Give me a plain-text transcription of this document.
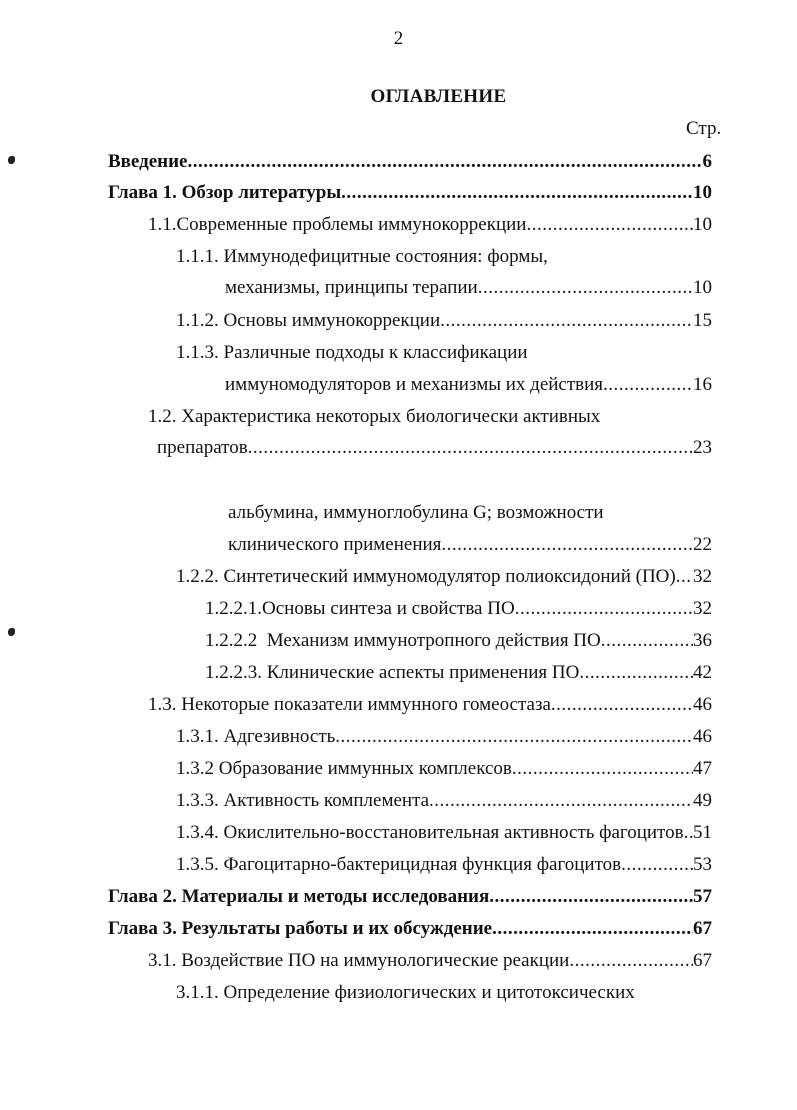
2
ОГЛАВЛЕНИЕ
Стр.
Введение .....	6
Глава 1. Обзор литературы .....	10
1.1.Современные проблемы иммунокоррекции .....	10
1.1.1. Иммунодефицитные состояния: формы,
механизмы, принципы терапии .....	10
1.1.2. Основы иммунокоррекции .....	15
1.1.3. Различные подходы к классификации
иммуномодуляторов и механизмы их действия .....	16
1.2. Характеристика некоторых биологически активных
препаратов .....	23

альбумина, иммуноглобулина G; возможности
клинического применения .....	22
1.2.2. Синтетический иммуномодулятор полиоксидоний (ПО) ..... 32
1.2.2.1.Основы синтеза и свойства ПО .....	32
1.2.2.2  Механизм иммунотропного действия ПО .....	36
1.2.2.3. Клинические аспекты применения ПО .....	42
1.3. Некоторые показатели иммунного гомеостаза .....	46
1.3.1. Адгезивность .....	46
1.3.2 Образование иммунных комплексов .....	47
1.3.3. Активность комплемента .....	49
1.3.4. Окислительно-восстановительная активность фагоцитов ..... 51
1.3.5. Фагоцитарно-бактерицидная функция фагоцитов .....	53
Глава 2. Материалы и методы исследования .....	57
Глава 3. Результаты работы и их обсуждение .....	67
3.1. Воздействие ПО на иммунологические реакции .....	67
3.1.1. Определение физиологических и цитотоксических
